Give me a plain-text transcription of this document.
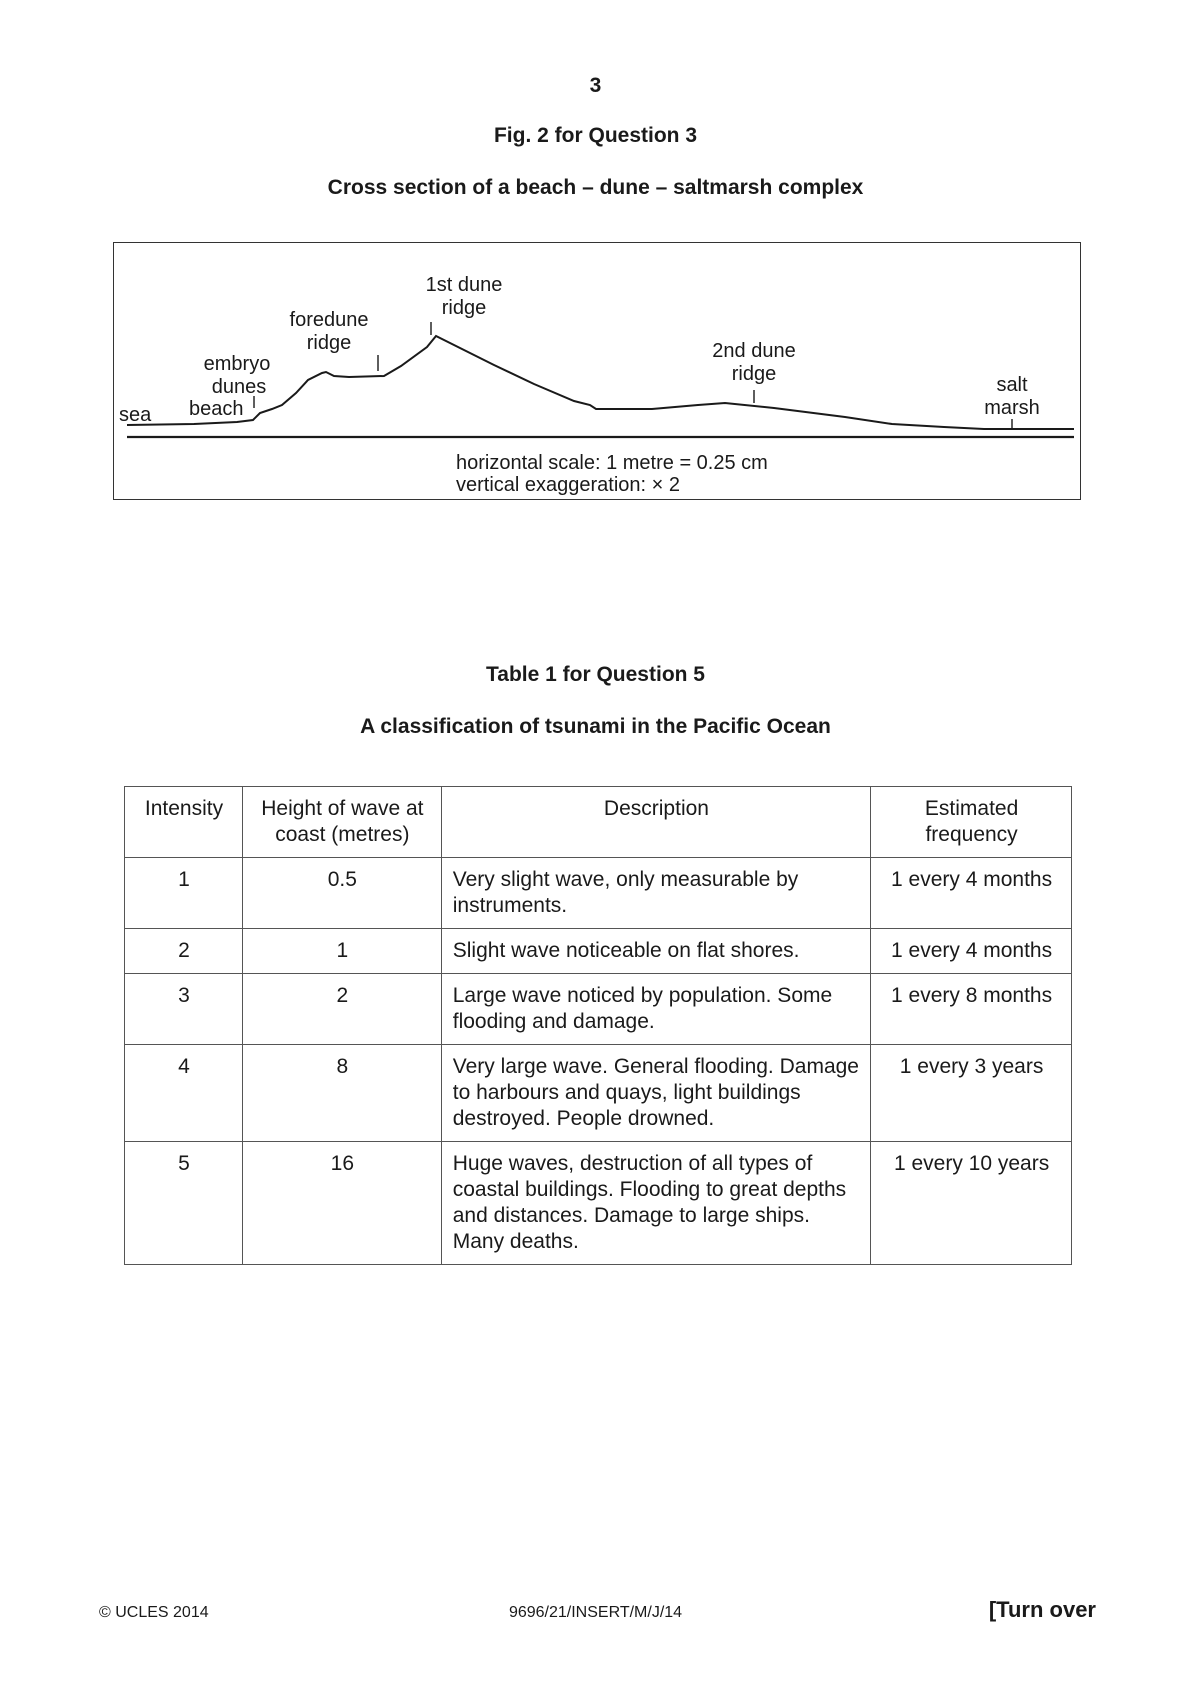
3
Fig. 2 for Question 3
Cross section of a beach – dune – saltmarsh complex
sea beach
embryo
dunes
foredune
ridge
1st dune
ridge
2nd dune
ridge	salt
marsh
horizontal scale: 1 metre = 0.25 cm
vertical exaggeration: × 2
Table 1 for Question 5
A classification of tsunami in the Pacific Ocean
Intensity	Height of wave at coast (metres)	Description	Estimated frequency
1	0.5	Very slight wave, only measurable by instruments.	1 every 4 months
2	1	Slight wave noticeable on flat shores.	1 every 4 months
3	2	Large wave noticed by population. Some flooding and damage.	1 every 8 months
4	8	Very large wave. General flooding. Damage to harbours and quays, light buildings destroyed. People drowned.	1 every 3 years
5	16	Huge waves, destruction of all types of coastal buildings. Flooding to great depths and distances. Damage to large ships. Many deaths.	1 every 10 years
© UCLES 2014	9696/21/INSERT/M/J/14	[Turn over
